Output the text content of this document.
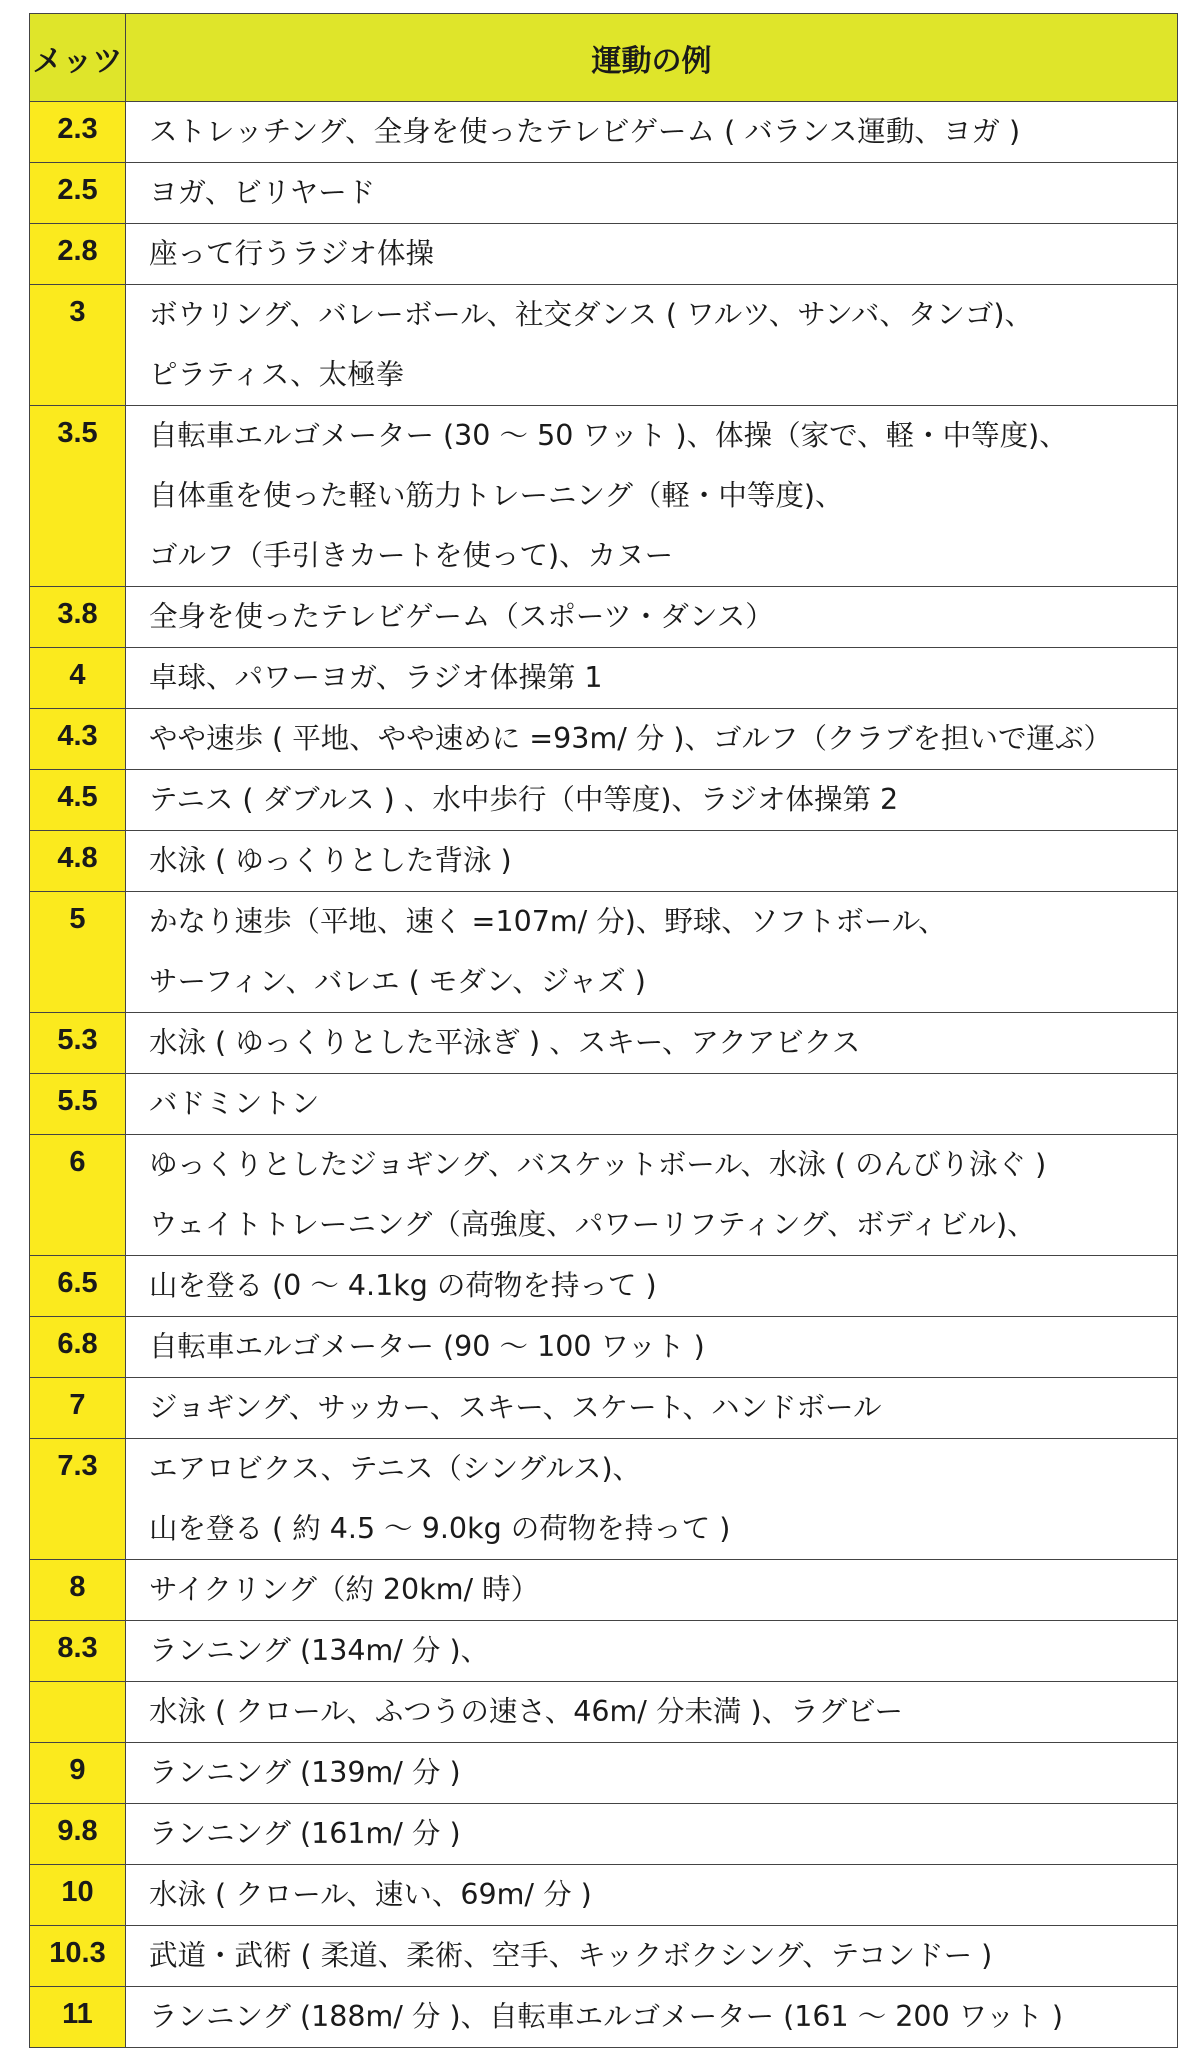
メッツ	運動の例
2.3	ストレッチング、全身を使ったテレビゲーム ( バランス運動、ヨガ )

2.5	ヨガ、ビリヤード

2.8	座って行うラジオ体操

3	ボウリング、バレーボール、社交ダンス ( ワルツ、サンバ、タンゴ)、
ピラティス、太極拳

3.5	自転車エルゴメーター (30 ～ 50 ワット )、体操（家で、軽・中等度)、
自体重を使った軽い筋力トレーニング（軽・中等度)、
ゴルフ（手引きカートを使って)、カヌー

3.8	全身を使ったテレビゲーム（スポーツ・ダンス）

4	卓球、パワーヨガ、ラジオ体操第 1

4.3	やや速歩 ( 平地、やや速めに =93m/ 分 )、ゴルフ（クラブを担いで運ぶ）

4.5	テニス ( ダブルス ) 、水中歩行（中等度)、ラジオ体操第 2

4.8	水泳 ( ゆっくりとした背泳 )

5	かなり速歩（平地、速く =107m/ 分)、野球、ソフトボール、
サーフィン、バレエ ( モダン、ジャズ )

5.3	水泳 ( ゆっくりとした平泳ぎ ) 、スキー、アクアビクス

5.5	バドミントン

6	ゆっくりとしたジョギング、バスケットボール、水泳 ( のんびり泳ぐ )
ウェイトトレーニング（高強度、パワーリフティング、ボディビル)、

6.5	山を登る (0 ～ 4.1kg の荷物を持って )

6.8	自転車エルゴメーター (90 ～ 100 ワット )

7	ジョギング、サッカー、スキー、スケート、ハンドボール

7.3	エアロビクス、テニス（シングルス)、
山を登る ( 約 4.5 ～ 9.0kg の荷物を持って )

8	サイクリング（約 20km/ 時）

8.3	ランニング (134m/ 分 )、

	水泳 ( クロール、ふつうの速さ、46m/ 分未満 )、ラグビー

9	ランニング (139m/ 分 )

9.8	ランニング (161m/ 分 )

10	水泳 ( クロール、速い、69m/ 分 )

10.3	武道・武術 ( 柔道、柔術、空手、キックボクシング、テコンドー )

11	ランニング (188m/ 分 )、自転車エルゴメーター (161 ～ 200 ワット )
